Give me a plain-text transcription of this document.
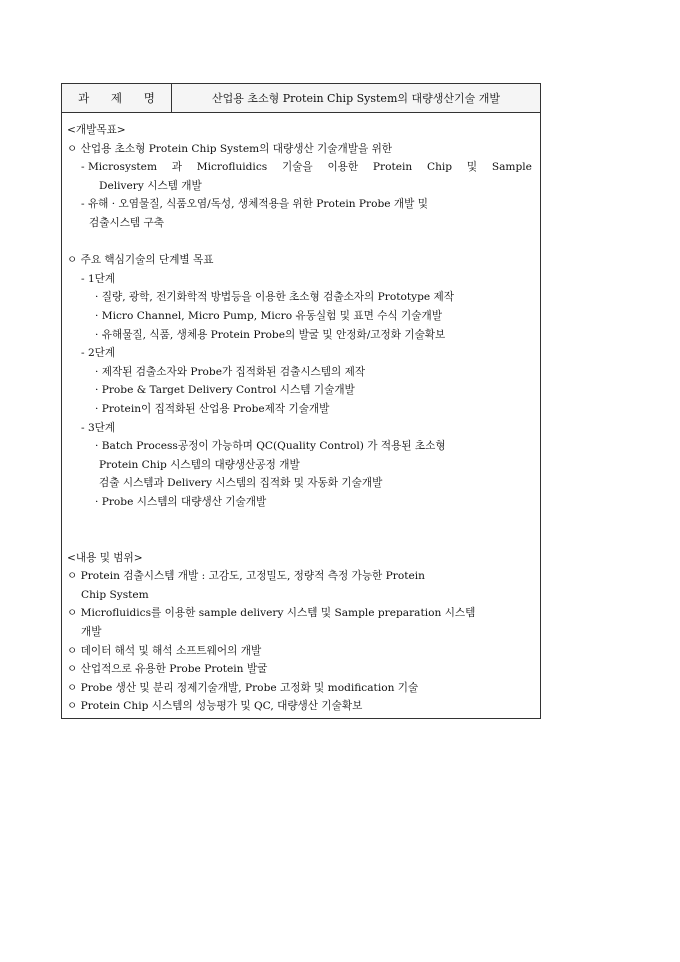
과 제 명	산업용 초소형 Protein Chip System의 대량생산기술 개발
<개발목표>
ㅇ 산업용 초소형 Protein Chip System의 대량생산 기술개발을 위한
- Microsystem 과 Microfluidics 기술을 이용한 Protein Chip 및 Sample
Delivery 시스템 개발
- 유해 · 오염물질, 식품오염/독성, 생체적용을 위한 Protein Probe 개발 및
검출시스템 구축
ㅇ 주요 핵심기술의 단계별 목표
- 1단계
· 질량, 광학, 전기화학적 방법등을 이용한 초소형 검출소자의 Prototype 제작
· Micro Channel, Micro Pump, Micro 유동실험 및 표면 수식 기술개발
· 유해물질, 식품, 생체용 Protein Probe의 발굴 및 안정화/고정화 기술확보
- 2단계
· 제작된 검출소자와 Probe가 집적화된 검출시스템의 제작
· Probe & Target Delivery Control 시스템 기술개발
· Protein이 집적화된 산업용 Probe제작 기술개발
- 3단계
· Batch Process공정이 가능하며 QC(Quality Control) 가 적용된 초소형
Protein Chip 시스템의 대량생산공정 개발
검출 시스템과 Delivery 시스템의 집적화 및 자동화 기술개발
· Probe 시스템의 대량생산 기술개발
<내용 및 범위>
ㅇ Protein 검출시스템 개발 : 고감도, 고정밀도, 정량적 측정 가능한 Protein
Chip System
ㅇ Microfluidics를 이용한 sample delivery 시스템 및 Sample preparation 시스템
개발
ㅇ 데이터 해석 및 해석 소프트웨어의 개발
ㅇ 산업적으로 유용한 Probe Protein 발굴
ㅇ Probe 생산 및 분리 정제기술개발, Probe 고정화 및 modification 기술
ㅇ Protein Chip 시스템의 성능평가 및 QC, 대량생산 기술확보
